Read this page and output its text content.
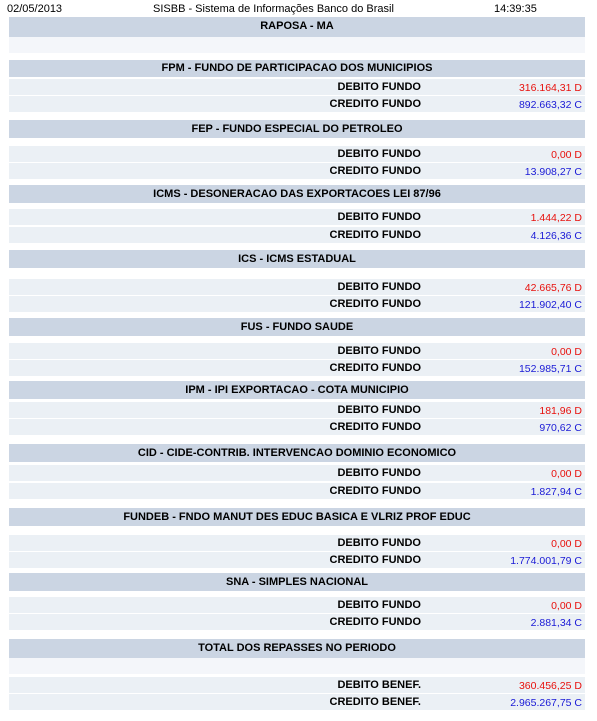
02/05/2013	SISBB - Sistema de Informações Banco do Brasil	14:39:35
RAPOSA - MA
FPM - FUNDO DE PARTICIPACAO DOS MUNICIPIOS
DEBITO FUNDO	316.164,31 D
CREDITO FUNDO	892.663,32 C
FEP - FUNDO ESPECIAL DO PETROLEO
DEBITO FUNDO	0,00 D
CREDITO FUNDO	13.908,27 C
ICMS - DESONERACAO DAS EXPORTACOES LEI 87/96
DEBITO FUNDO	1.444,22 D
CREDITO FUNDO	4.126,36 C
ICS - ICMS ESTADUAL
DEBITO FUNDO	42.665,76 D
CREDITO FUNDO	121.902,40 C
FUS - FUNDO SAUDE
DEBITO FUNDO	0,00 D
CREDITO FUNDO	152.985,71 C
IPM - IPI EXPORTACAO - COTA MUNICIPIO
DEBITO FUNDO	181,96 D
CREDITO FUNDO	970,62 C
CID - CIDE-CONTRIB. INTERVENCAO DOMINIO ECONOMICO
DEBITO FUNDO	0,00 D
CREDITO FUNDO	1.827,94 C
FUNDEB - FNDO MANUT DES EDUC BASICA E VLRIZ PROF EDUC
DEBITO FUNDO	0,00 D
CREDITO FUNDO	1.774.001,79 C
SNA - SIMPLES NACIONAL
DEBITO FUNDO	0,00 D
CREDITO FUNDO	2.881,34 C
TOTAL DOS REPASSES NO PERIODO
DEBITO BENEF.	360.456,25 D
CREDITO BENEF.	2.965.267,75 C
